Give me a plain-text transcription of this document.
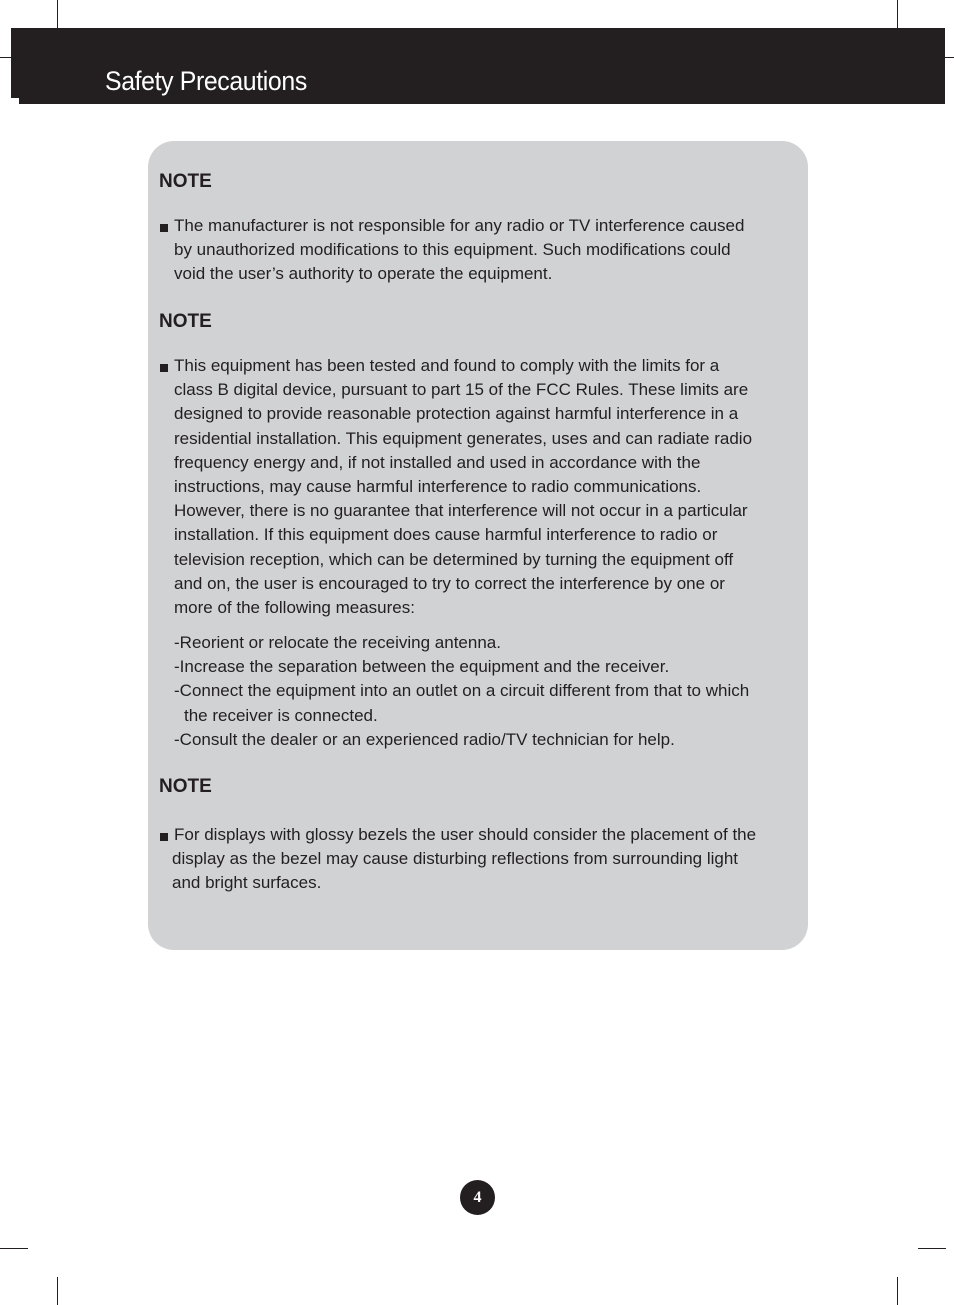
Safety Precautions
NOTE
The manufacturer is not responsible for any radio or TV interference caused
by unauthorized modifications to this equipment. Such modifications could
void the user’s authority to operate the equipment.
NOTE
This equipment has been tested and found to comply with the limits for a
class B digital device, pursuant to part 15 of the FCC Rules. These limits are
designed to provide reasonable protection against harmful interference in a
residential installation. This equipment generates, uses and can radiate radio
frequency energy and, if not installed and used in accordance with the
instructions, may cause harmful interference to radio communications.
However, there is no guarantee that interference will not occur in a particular
installation. If this equipment does cause harmful interference to radio or
television reception, which can be determined by turning the equipment off
and on, the user is encouraged to try to correct the interference by one or
more of the following measures:
-Reorient or relocate the receiving antenna.
-Increase the separation between the equipment and the receiver.
-Connect the equipment into an outlet on a circuit different from that to which
the receiver is connected.
-Consult the dealer or an experienced radio/TV technician for help.
NOTE
For displays with glossy bezels the user should consider the placement of the
display as the bezel may cause disturbing reflections from surrounding light
and bright surfaces.
4
